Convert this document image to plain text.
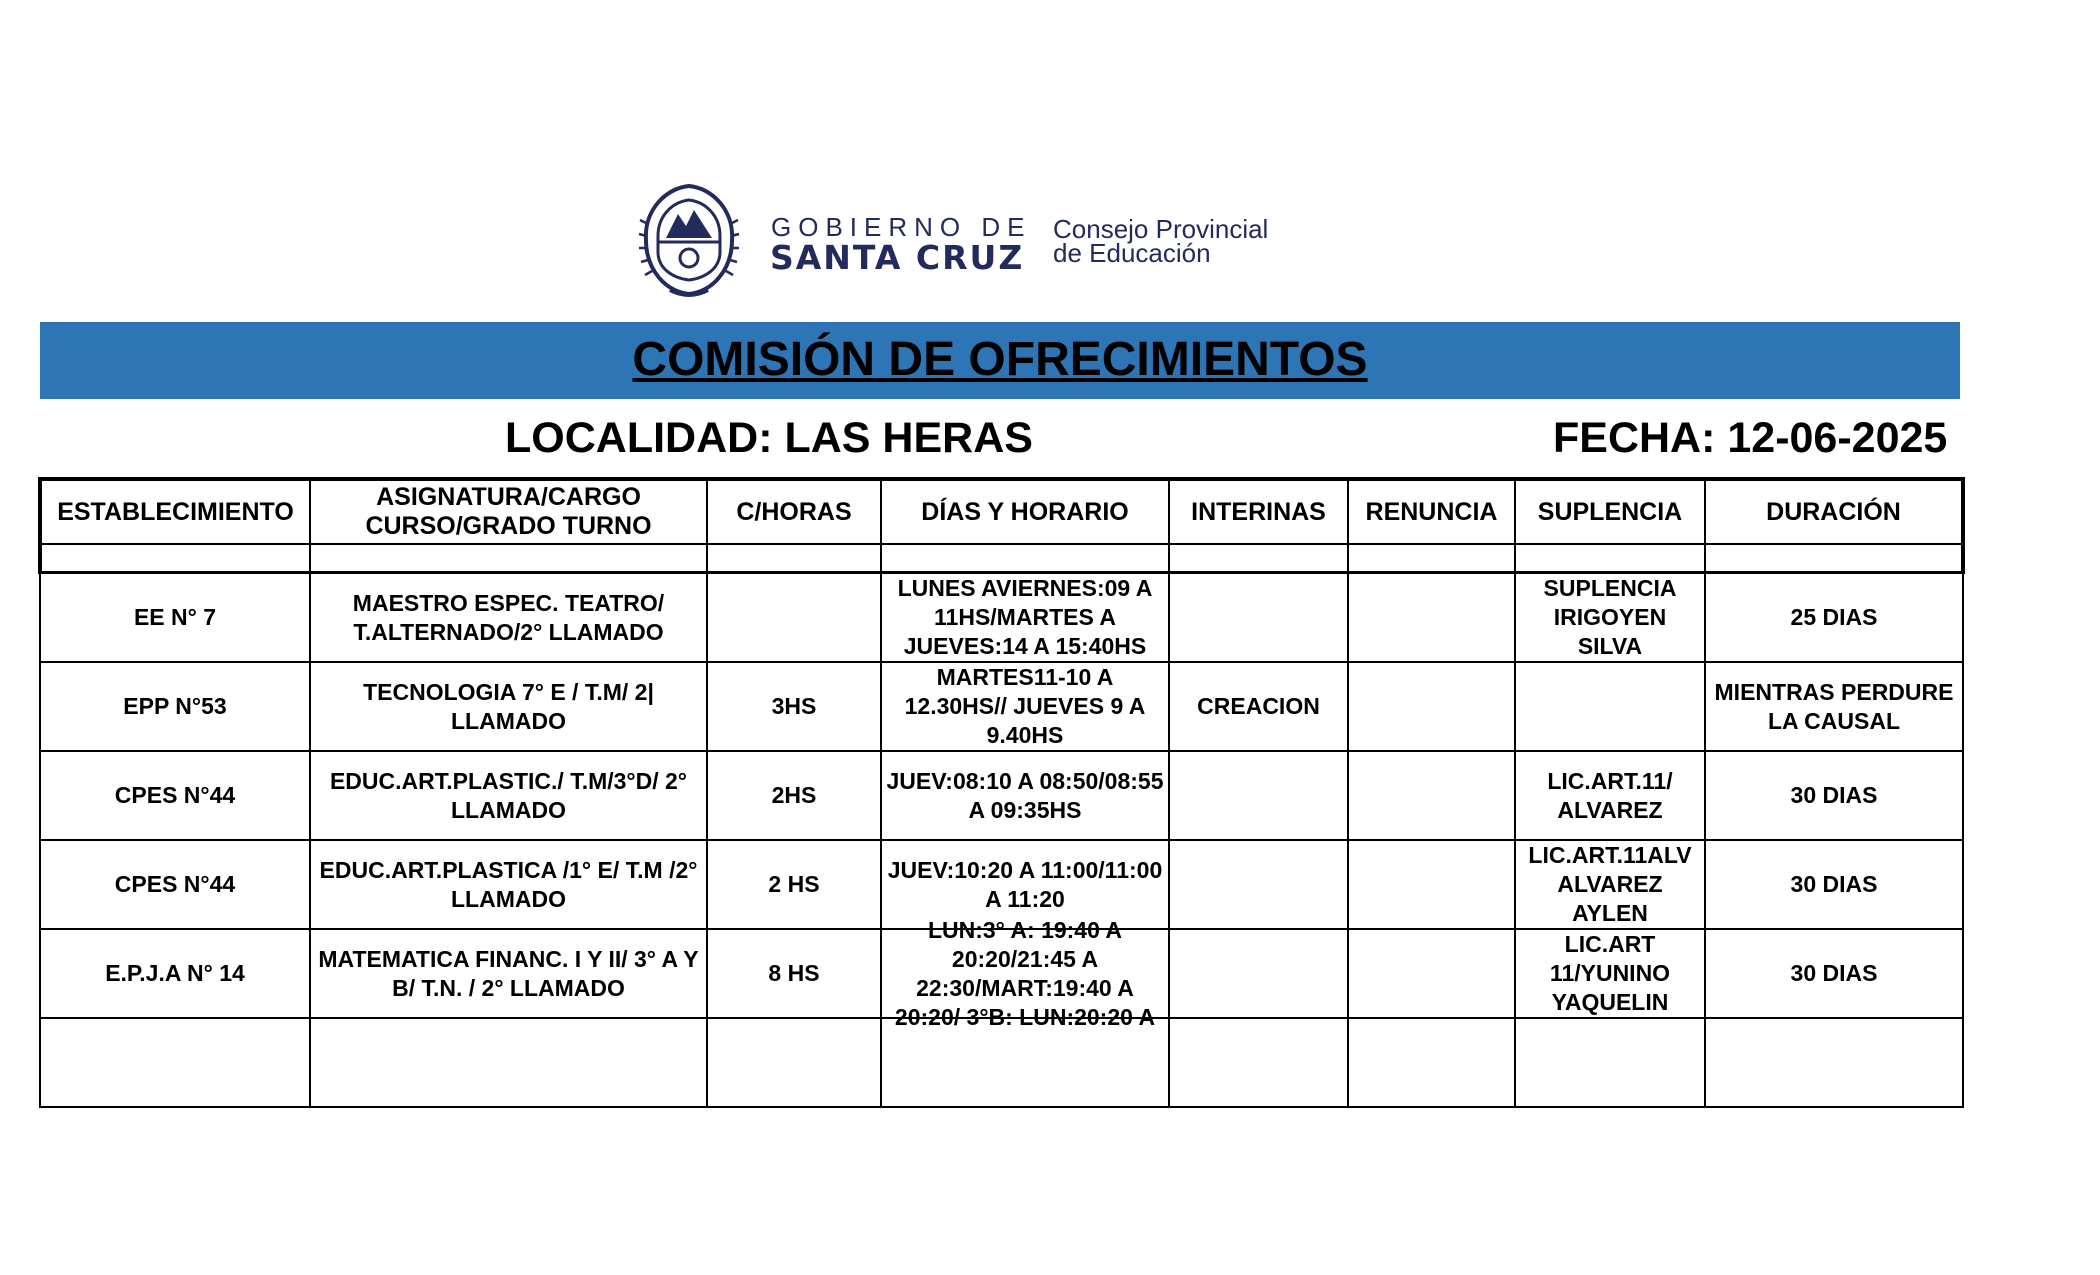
GOBIERNO DE
SANTA CRUZ
Consejo Provincial
de Educación
COMISIÓN DE OFRECIMIENTOS
LOCALIDAD: LAS HERAS	FECHA: 12-06-2025
ESTABLECIMIENTO	ASIGNATURA/CARGO CURSO/GRADO TURNO	C/HORAS	DÍAS Y HORARIO	INTERINAS	RENUNCIA	SUPLENCIA	DURACIÓN

EE N° 7	MAESTRO ESPEC. TEATRO/ T.ALTERNADO/2° LLAMADO		LUNES AVIERNES:09 A 11HS/MARTES A JUEVES:14 A 15:40HS			SUPLENCIA IRIGOYEN SILVA	25 DIAS
EPP N°53	TECNOLOGIA 7° E / T.M/ 2| LLAMADO	3HS	MARTES11-10 A 12.30HS// JUEVES 9 A 9.40HS	CREACION			MIENTRAS PERDURE LA CAUSAL
CPES N°44	EDUC.ART.PLASTIC./ T.M/3°D/ 2° LLAMADO	2HS	JUEV:08:10 A 08:50/08:55 A 09:35HS			LIC.ART.11/ ALVAREZ	30 DIAS
CPES N°44	EDUC.ART.PLASTICA /1° E/ T.M /2° LLAMADO	2 HS	JUEV:10:20 A 11:00/11:00 A 11:20			LIC.ART.11ALV ALVAREZ AYLEN	30 DIAS
E.P.J.A N° 14	MATEMATICA FINANC. I Y II/ 3° A Y B/ T.N. / 2° LLAMADO	8 HS	LUN:3° A: 19:40 A 20:20/21:45 A 22:30/MART:19:40 A 20:20/ 3°B: LUN:20:20 A			LIC.ART 11/YUNINO YAQUELIN	30 DIAS
